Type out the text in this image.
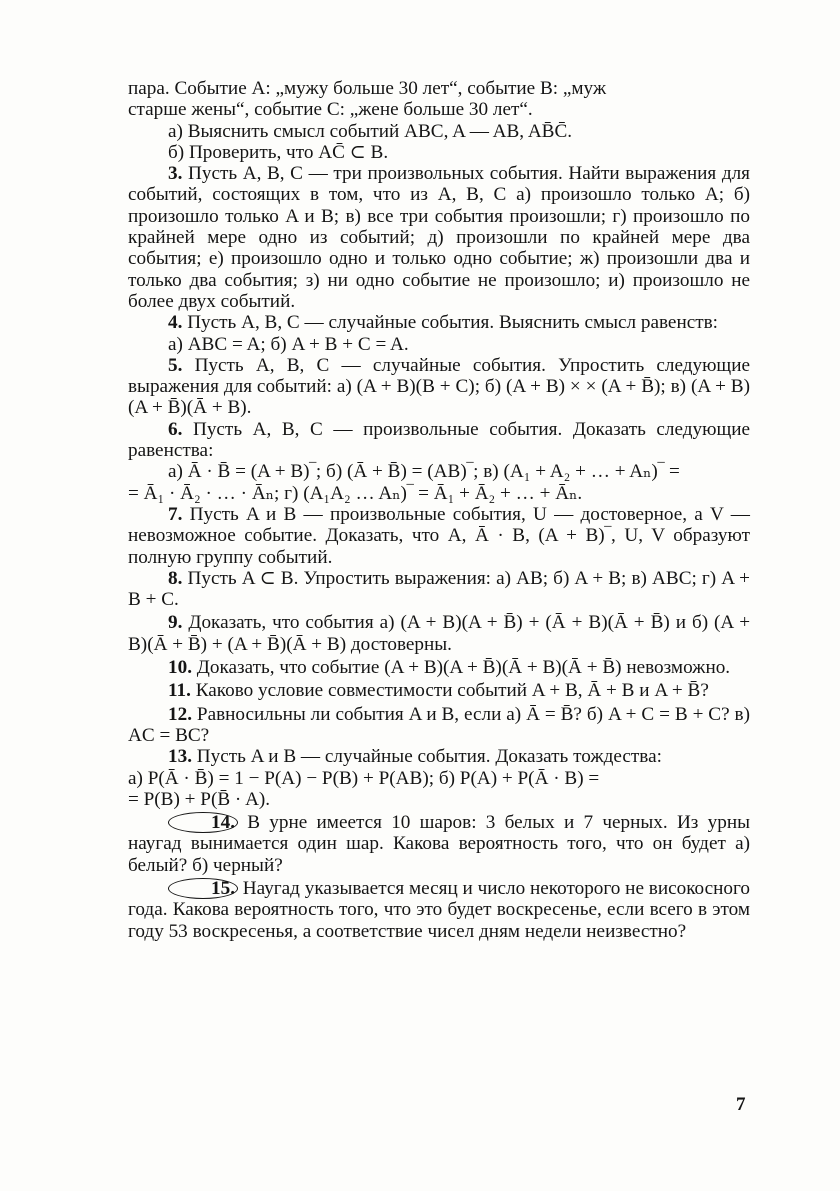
пара. Событие A: „мужу больше 30 лет“, событие B: „муж

старше жены“, событие C: „жене больше 30 лет“.

а) Выяснить смысл событий ABC, A — AB, AB̄C̄.

б) Проверить, что AC̄ ⊂ B.

3. Пусть A, B, C — три произвольных события. Найти выражения для событий, состоящих в том, что из A, B, C а) произошло только A; б) произошло только A и B; в) все три события произошли; г) произошло по крайней мере одно из событий; д) произошли по крайней мере два события; е) произошло одно и только одно событие; ж) произошли два и только два события; з) ни одно событие не произошло; и) произошло не более двух событий.

4. Пусть A, B, C — случайные события. Выяснить смысл равенств:

а) ABC = A; б) A + B + C = A.

5. Пусть A, B, C — случайные события. Упростить следующие выражения для событий: а) (A + B)(B + C); б) (A + B) × × (A + B̄); в) (A + B)(A + B̄)(Ā + B).

6. Пусть A, B, C — произвольные события. Доказать следующие равенства:

а) Ā · B̄ = (A + B)‾; б) (Ā + B̄) = (AB)‾; в) (A₁ + A₂ + … + Aₙ)‾ =

= Ā₁ · Ā₂ · … · Āₙ; г) (A₁A₂ … Aₙ)‾ = Ā₁ + Ā₂ + … + Āₙ.

7. Пусть A и B — произвольные события, U — достоверное, а V — невозможное событие. Доказать, что A, Ā · B, (A + B)‾, U, V образуют полную группу событий.

8. Пусть A ⊂ B. Упростить выражения: а) AB; б) A + B; в) ABC; г) A + B + C.

9. Доказать, что события а) (A + B)(A + B̄) + (Ā + B)(Ā + B̄) и б) (A + B)(Ā + B̄) + (A + B̄)(Ā + B) достоверны.

10. Доказать, что событие (A + B)(A + B̄)(Ā + B)(Ā + B̄) невозможно.

11. Каково условие совместимости событий A + B, Ā + B и A + B̄?

12. Равносильны ли события A и B, если а) Ā = B̄? б) A + C = B + C? в) AC = BC?

13. Пусть A и B — случайные события. Доказать тождества:

а) P(Ā · B̄) = 1 − P(A) − P(B) + P(AB); б) P(A) + P(Ā · B) =

= P(B) + P(B̄ · A).

14. В урне имеется 10 шаров: 3 белых и 7 черных. Из урны наугад вынимается один шар. Какова вероятность того, что он будет а) белый? б) черный?

15. Наугад указывается месяц и число некоторого не високосного года. Какова вероятность того, что это будет воскресенье, если всего в этом году 53 воскресенья, а соответствие чисел дням недели неизвестно?

7
